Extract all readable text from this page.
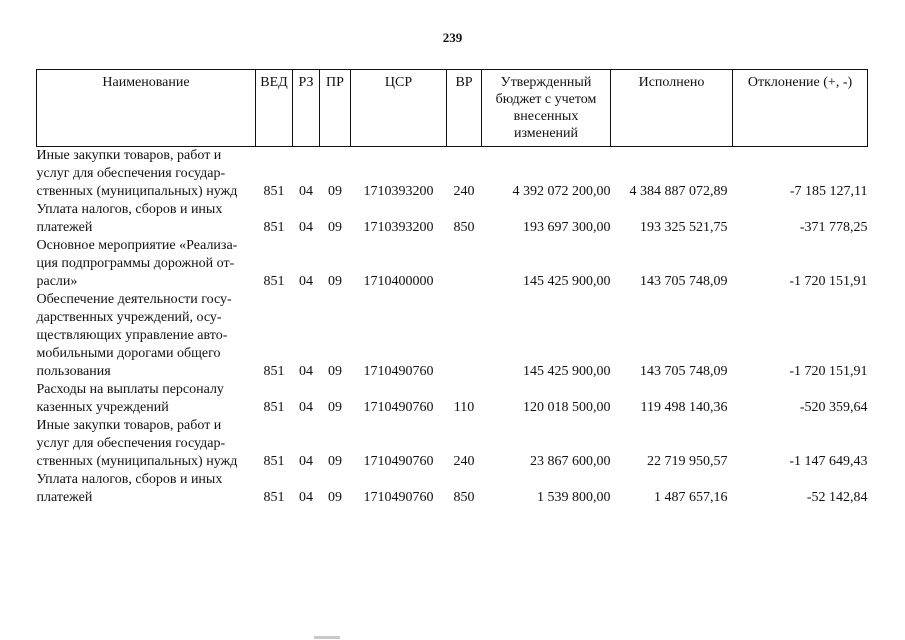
239
Наименование	ВЕД	РЗ	ПР	ЦСР	ВР	Утвержденный бюджет с учетом внесенных изменений	Исполнено	Отклонение (+, -)

Иные закупки товаров, работ и
услуг для обеспечения государ-
ственных (муниципальных) нужд	851	04	09	1710393200	240	4 392 072 200,00	4 384 887 072,89	-7 185 127,11

Уплата налогов, сборов и иных
платежей	851	04	09	1710393200	850	193 697 300,00	193 325 521,75	-371 778,25

Основное мероприятие «Реализа-
ция подпрограммы дорожной от-
расли»	851	04	09	1710400000		145 425 900,00	143 705 748,09	-1 720 151,91

Обеспечение деятельности госу-
дарственных учреждений, осу-
ществляющих управление авто-
мобильными дорогами общего
пользования	851	04	09	1710490760		145 425 900,00	143 705 748,09	-1 720 151,91

Расходы на выплаты персоналу
казенных учреждений	851	04	09	1710490760	110	120 018 500,00	119 498 140,36	-520 359,64

Иные закупки товаров, работ и
услуг для обеспечения государ-
ственных (муниципальных) нужд	851	04	09	1710490760	240	23 867 600,00	22 719 950,57	-1 147 649,43

Уплата налогов, сборов и иных
платежей	851	04	09	1710490760	850	1 539 800,00	1 487 657,16	-52 142,84
